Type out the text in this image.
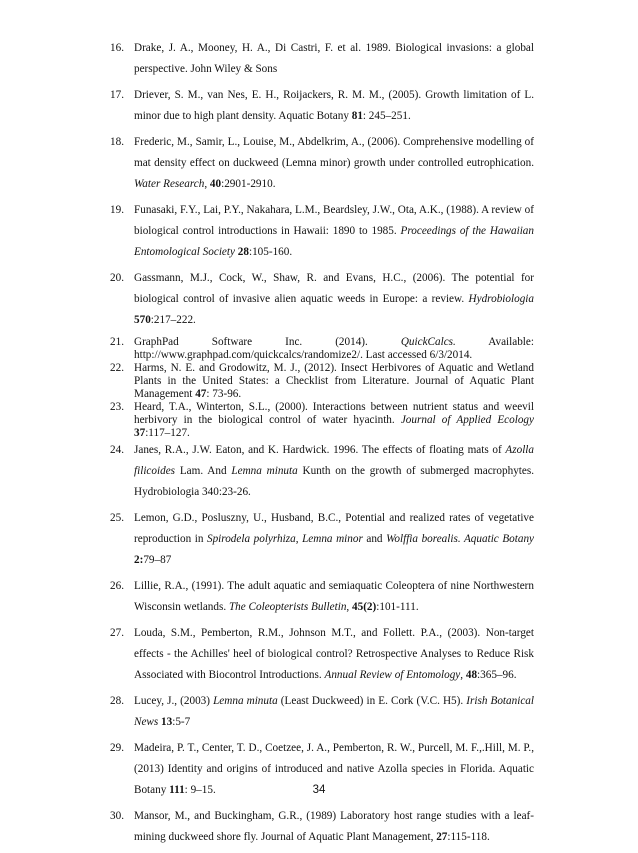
16. Drake, J. A., Mooney, H. A., Di Castri, F. et al. 1989. Biological invasions: a global perspective. John Wiley & Sons
17. Driever, S. M., van Nes, E. H., Roijackers, R. M. M., (2005). Growth limitation of L. minor due to high plant density. Aquatic Botany 81: 245–251.
18. Frederic, M., Samir, L., Louise, M., Abdelkrim, A., (2006). Comprehensive modelling of mat density effect on duckweed (Lemna minor) growth under controlled eutrophication. Water Research, 40:2901-2910.
19. Funasaki, F.Y., Lai, P.Y., Nakahara, L.M., Beardsley, J.W., Ota, A.K., (1988). A review of biological control introductions in Hawaii: 1890 to 1985. Proceedings of the Hawaiian Entomological Society 28:105-160.
20. Gassmann, M.J., Cock, W., Shaw, R. and Evans, H.C., (2006). The potential for biological control of invasive alien aquatic weeds in Europe: a review. Hydrobiologia 570:217–222.
21. GraphPad Software Inc. (2014). QuickCalcs. Available: http://www.graphpad.com/quickcalcs/randomize2/. Last accessed 6/3/2014.
22. Harms, N. E. and Grodowitz, M. J., (2012). Insect Herbivores of Aquatic and Wetland Plants in the United States: a Checklist from Literature. Journal of Aquatic Plant Management 47: 73-96.
23. Heard, T.A., Winterton, S.L., (2000). Interactions between nutrient status and weevil herbivory in the biological control of water hyacinth. Journal of Applied Ecology 37:117–127.
24. Janes, R.A., J.W. Eaton, and K. Hardwick. 1996. The effects of floating mats of Azolla filicoides Lam. And Lemna minuta Kunth on the growth of submerged macrophytes. Hydrobiologia 340:23-26.
25. Lemon, G.D., Posluszny, U., Husband, B.C., Potential and realized rates of vegetative reproduction in Spirodela polyrhiza, Lemna minor and Wolffia borealis. Aquatic Botany 2:79–87
26. Lillie, R.A., (1991). The adult aquatic and semiaquatic Coleoptera of nine Northwestern Wisconsin wetlands. The Coleopterists Bulletin, 45(2):101-111.
27. Louda, S.M., Pemberton, R.M., Johnson M.T., and Follett. P.A., (2003). Non-target effects - the Achilles' heel of biological control? Retrospective Analyses to Reduce Risk Associated with Biocontrol Introductions. Annual Review of Entomology, 48:365–96.
28. Lucey, J., (2003) Lemna minuta (Least Duckweed) in E. Cork (V.C. H5). Irish Botanical News 13:5-7
29. Madeira, P. T., Center, T. D., Coetzee, J. A., Pemberton, R. W., Purcell, M. F.,.Hill, M. P., (2013) Identity and origins of introduced and native Azolla species in Florida. Aquatic Botany 111: 9–15.
30. Mansor, M., and Buckingham, G.R., (1989) Laboratory host range studies with a leaf-mining duckweed shore fly. Journal of Aquatic Plant Management, 27:115-118.
34
